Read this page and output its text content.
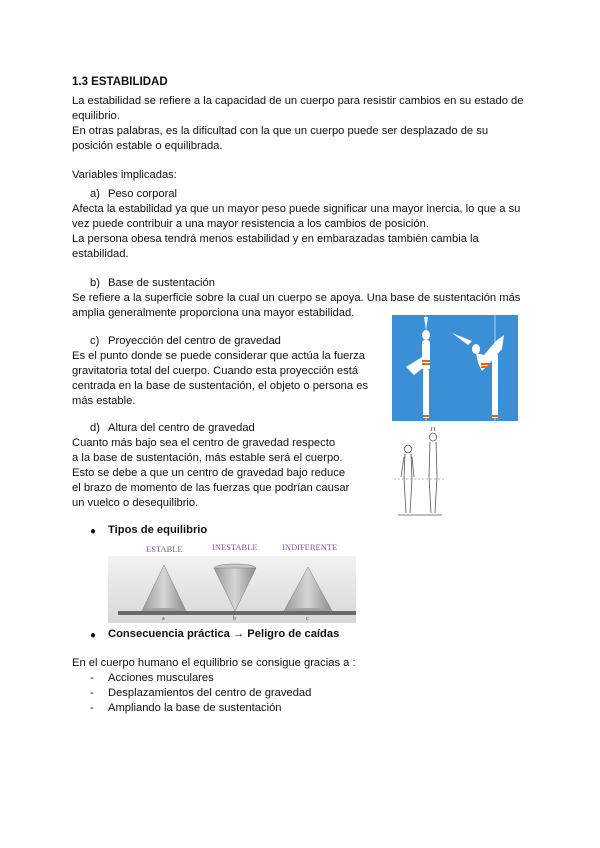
1.3 ESTABILIDAD
La estabilidad se refiere a la capacidad de un cuerpo para resistir cambios en su estado de
equilibrio.
En otras palabras, es la dificultad con la que un cuerpo puede ser desplazado de su
posición estable o equilibrada.
Variables implicadas:
a) Peso corporal
Afecta la estabilidad ya que un mayor peso puede significar una mayor inercia, lo que a su
vez puede contribuir a una mayor resistencia a los cambios de posición.
La persona obesa tendrá menos estabilidad y en embarazadas también cambia la
estabilidad.
b) Base de sustentación
Se refiere a la superficie sobre la cual un cuerpo se apoya. Una base de sustentación más
amplia generalmente proporciona una mayor estabilidad.
c) Proyección del centro de gravedad
Es el punto donde se puede considerar que actúa la fuerza
gravitatoria total del cuerpo. Cuando esta proyección está
centrada en la base de sustentación, el objeto o persona es
más estable.
d) Altura del centro de gravedad
Cuanto más bajo sea el centro de gravedad respecto
a la base de sustentación, más estable será el cuerpo.
Esto se debe a que un centro de gravedad bajo reduce
el brazo de momento de las fuerzas que podrían causar
un vuelco o desequilibrio.
● Tipos de equilibrio
ESTABLE	INESTABLE	INDIFERENTE
a	b	c
● Consecuencia práctica → Peligro de caídas
En el cuerpo humano el equilibrio se consigue gracias a :
- Acciones musculares
- Desplazamientos del centro de gravedad
- Ampliando la base de sustentación
